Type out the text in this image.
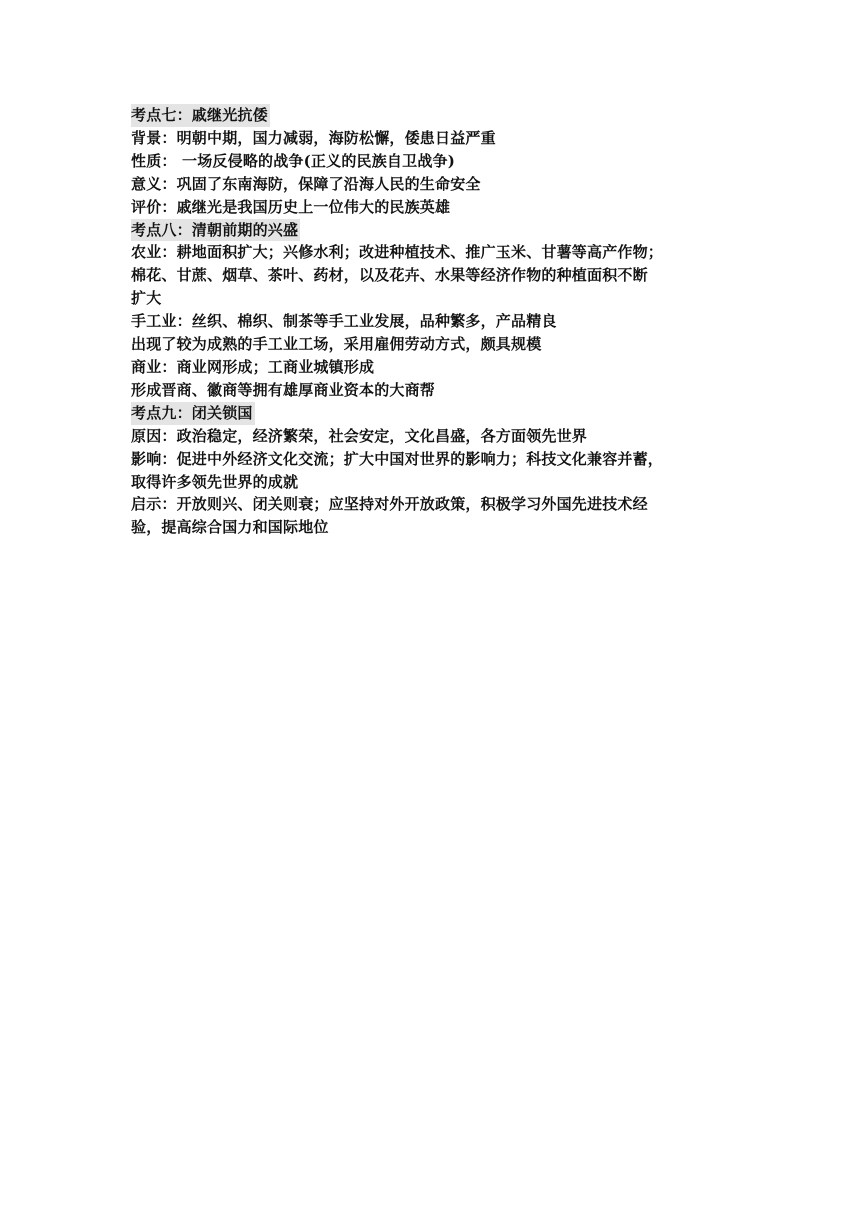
考点七：戚继光抗倭
背景：明朝中期，国力减弱，海防松懈，倭患日益严重
性质： 一场反侵略的战争(正义的民族自卫战争)
意义：巩固了东南海防，保障了沿海人民的生命安全
评价：戚继光是我国历史上一位伟大的民族英雄
考点八：清朝前期的兴盛
农业：耕地面积扩大；兴修水利；改进种植技术、推广玉米、甘薯等高产作物；
棉花、甘蔗、烟草、茶叶、药材，以及花卉、水果等经济作物的种植面积不断
扩大
手工业：丝织、棉织、制茶等手工业发展，品种繁多，产品精良
出现了较为成熟的手工业工场，采用雇佣劳动方式，颇具规模
商业：商业网形成；工商业城镇形成
形成晋商、徽商等拥有雄厚商业资本的大商帮
考点九：闭关锁国
原因：政治稳定，经济繁荣，社会安定，文化昌盛，各方面领先世界
影响：促进中外经济文化交流；扩大中国对世界的影响力；科技文化兼容并蓄，
取得许多领先世界的成就
启示：开放则兴、闭关则衰；应坚持对外开放政策，积极学习外国先进技术经
验，提高综合国力和国际地位
